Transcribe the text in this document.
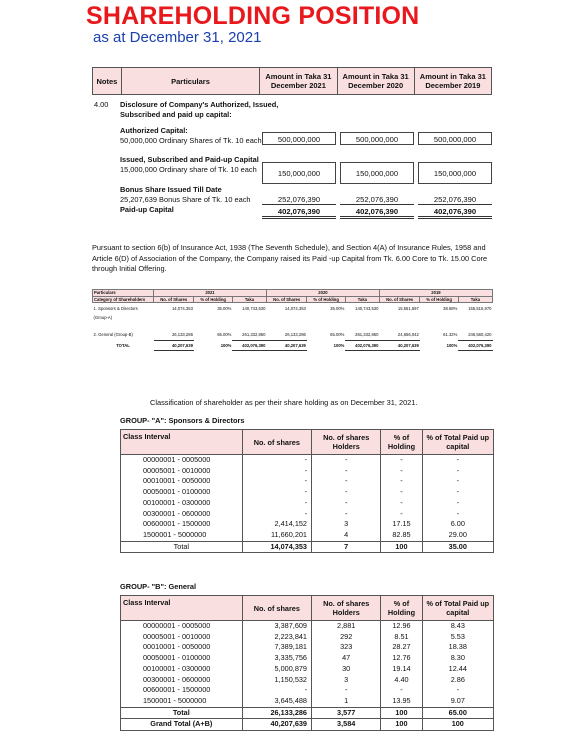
SHAREHOLDING POSITION
as at December 31, 2021
Notes	Particulars	Amount in Taka 31 December 2021	Amount in Taka 31 December 2020	Amount in Taka 31 December 2019
4.00 Disclosure of Company's Authorized, Issued, Subscribed and paid up capital:
Authorized Capital:
50,000,000 Ordinary Shares of Tk. 10 each	500,000,000	500,000,000	500,000,000
Issued, Subscribed and Paid-up Capital
15,000,000 Ordinary share of Tk. 10 each	150,000,000	150,000,000	150,000,000
Bonus Share Issued Till Date
25,207,639 Bonus Share of Tk. 10 each	252,076,390	252,076,390	252,076,390
Paid-up Capital	402,076,390	402,076,390	402,076,390
Pursuant to section 6(b) of Insurance Act, 1938 (The Seventh Schedule), and Section 4(A) of Insurance Rules, 1958 and Article 6(D) of Association of the Company, the Company raised its Paid -up Capital from Tk. 6.00 Core to Tk. 15.00 Core through Initial Offering.
Particulars	2021			2020			2019		
Category of Shareholders	No. of Shares	% of Holding	Taka	No. of Shares	% of Holding	Taka	No. of Shares	% of Holding	Taka
1. Sponsors & Directors	14,074,353	35.00%	140,743,530	14,074,353	35.00%	140,743,530	15,551,597	38.68%	155,515,970
(Group-A)									
2. General (Group-B)	26,133,286	65.00%	261,332,860	26,133,286	65.00%	261,332,860	24,656,042	61.32%	246,560,420
TOTAL	40,207,639	100%	402,076,390	40,207,639	100%	402,076,390	40,207,639	100%	402,076,390
Classification of shareholder as per their share holding as on December 31, 2021.
GROUP- "A": Sponsors & Directors
Class Interval	No. of shares	No. of shares Holders	% of Holding	% of Total Paid up capital
00000001 - 0005000	-	-	-	-
00005001 - 0010000	-	-	-	-
00010001 - 0050000	-	-	-	-
00050001 - 0100000	-	-	-	-
00100001 - 0300000	-	-	-	-
00300001 - 0600000	-	-	-	-
00600001 - 1500000	2,414,152	3	17.15	6.00
1500001 - 5000000	11,660,201	4	82.85	29.00
Total	14,074,353	7	100	35.00
GROUP- "B": General
Class Interval	No. of shares	No. of shares Holders	% of Holding	% of Total Paid up capital
00000001 - 0005000	3,387,609	2,881	12.96	8.43
00005001 - 0010000	2,223,841	292	8.51	5.53
00010001 - 0050000	7,389,181	323	28.27	18.38
00050001 - 0100000	3,335,756	47	12.76	8.30
00100001 - 0300000	5,000,879	30	19.14	12.44
00300001 - 0600000	1,150,532	3	4.40	2.86
00600001 - 1500000	-	-	-	-
1500001 - 5000000	3,645,488	1	13.95	9.07
Total	26,133,286	3,577	100	65.00
Grand Total (A+B)	40,207,639	3,584	100	100
